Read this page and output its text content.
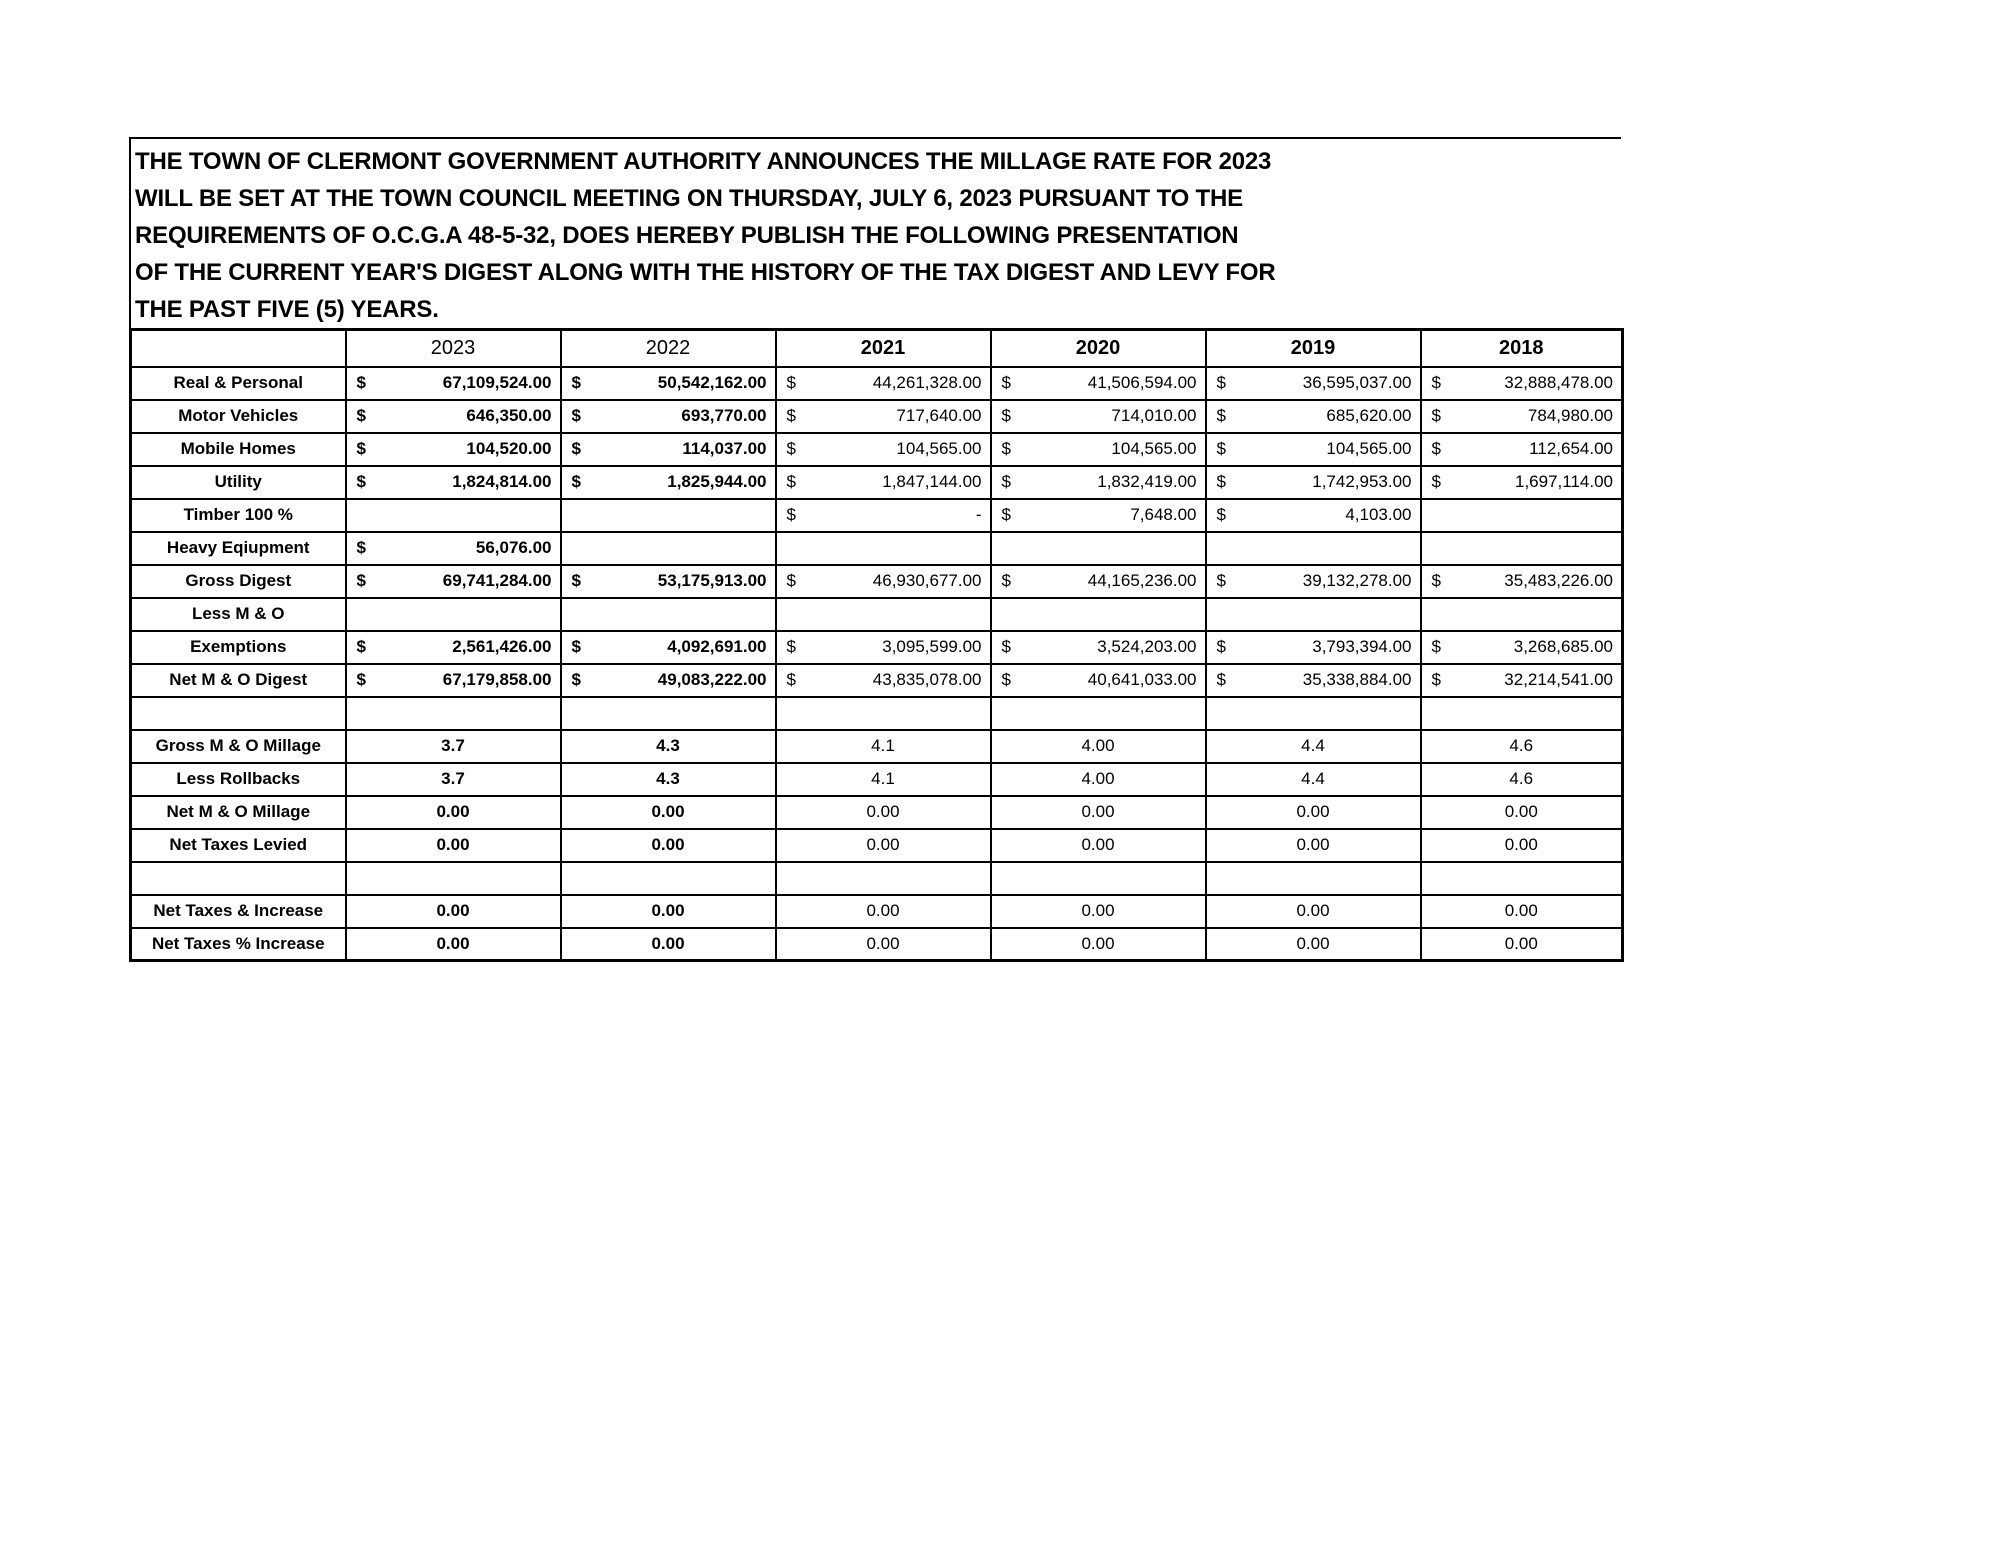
THE TOWN OF CLERMONT GOVERNMENT AUTHORITY ANNOUNCES THE MILLAGE RATE FOR 2023
WILL BE SET AT THE TOWN COUNCIL MEETING ON THURSDAY, JULY 6, 2023 PURSUANT TO THE
REQUIREMENTS OF O.C.G.A 48-5-32, DOES HEREBY PUBLISH THE FOLLOWING PRESENTATION
OF THE CURRENT YEAR'S DIGEST ALONG WITH THE HISTORY OF THE TAX DIGEST AND LEVY FOR
THE PAST FIVE (5) YEARS.
	2023	2022	2021	2020	2019	2018
Real & Personal	$ 67,109,524.00	$ 50,542,162.00	$ 44,261,328.00	$ 41,506,594.00	$ 36,595,037.00	$ 32,888,478.00

Motor Vehicles	$ 646,350.00	$ 693,770.00	$ 717,640.00	$ 714,010.00	$ 685,620.00	$ 784,980.00

Mobile Homes	$ 104,520.00	$ 114,037.00	$ 104,565.00	$ 104,565.00	$ 104,565.00	$ 112,654.00

Utility	$ 1,824,814.00	$ 1,825,944.00	$ 1,847,144.00	$ 1,832,419.00	$ 1,742,953.00	$ 1,697,114.00

Timber 100 %			$ -	$ 7,648.00	$ 4,103.00	

Heavy Eqiupment	$ 56,076.00					

Gross Digest	$ 69,741,284.00	$ 53,175,913.00	$ 46,930,677.00	$ 44,165,236.00	$ 39,132,278.00	$ 35,483,226.00

Less M & O	

Exemptions	$ 2,561,426.00	$ 4,092,691.00	$ 3,095,599.00	$ 3,524,203.00	$ 3,793,394.00	$ 3,268,685.00

Net M & O Digest	$ 67,179,858.00	$ 49,083,222.00	$ 43,835,078.00	$ 40,641,033.00	$ 35,338,884.00	$ 32,214,541.00

Gross M & O Millage	3.7	4.3	4.1	4.00	4.4	4.6
Less Rollbacks	3.7	4.3	4.1	4.00	4.4	4.6
Net M & O Millage	0.00	0.00	0.00	0.00	0.00	0.00
Net Taxes Levied	0.00	0.00	0.00	0.00	0.00	0.00

Net Taxes & Increase	0.00	0.00	0.00	0.00	0.00	0.00
Net Taxes % Increase	0.00	0.00	0.00	0.00	0.00	0.00
